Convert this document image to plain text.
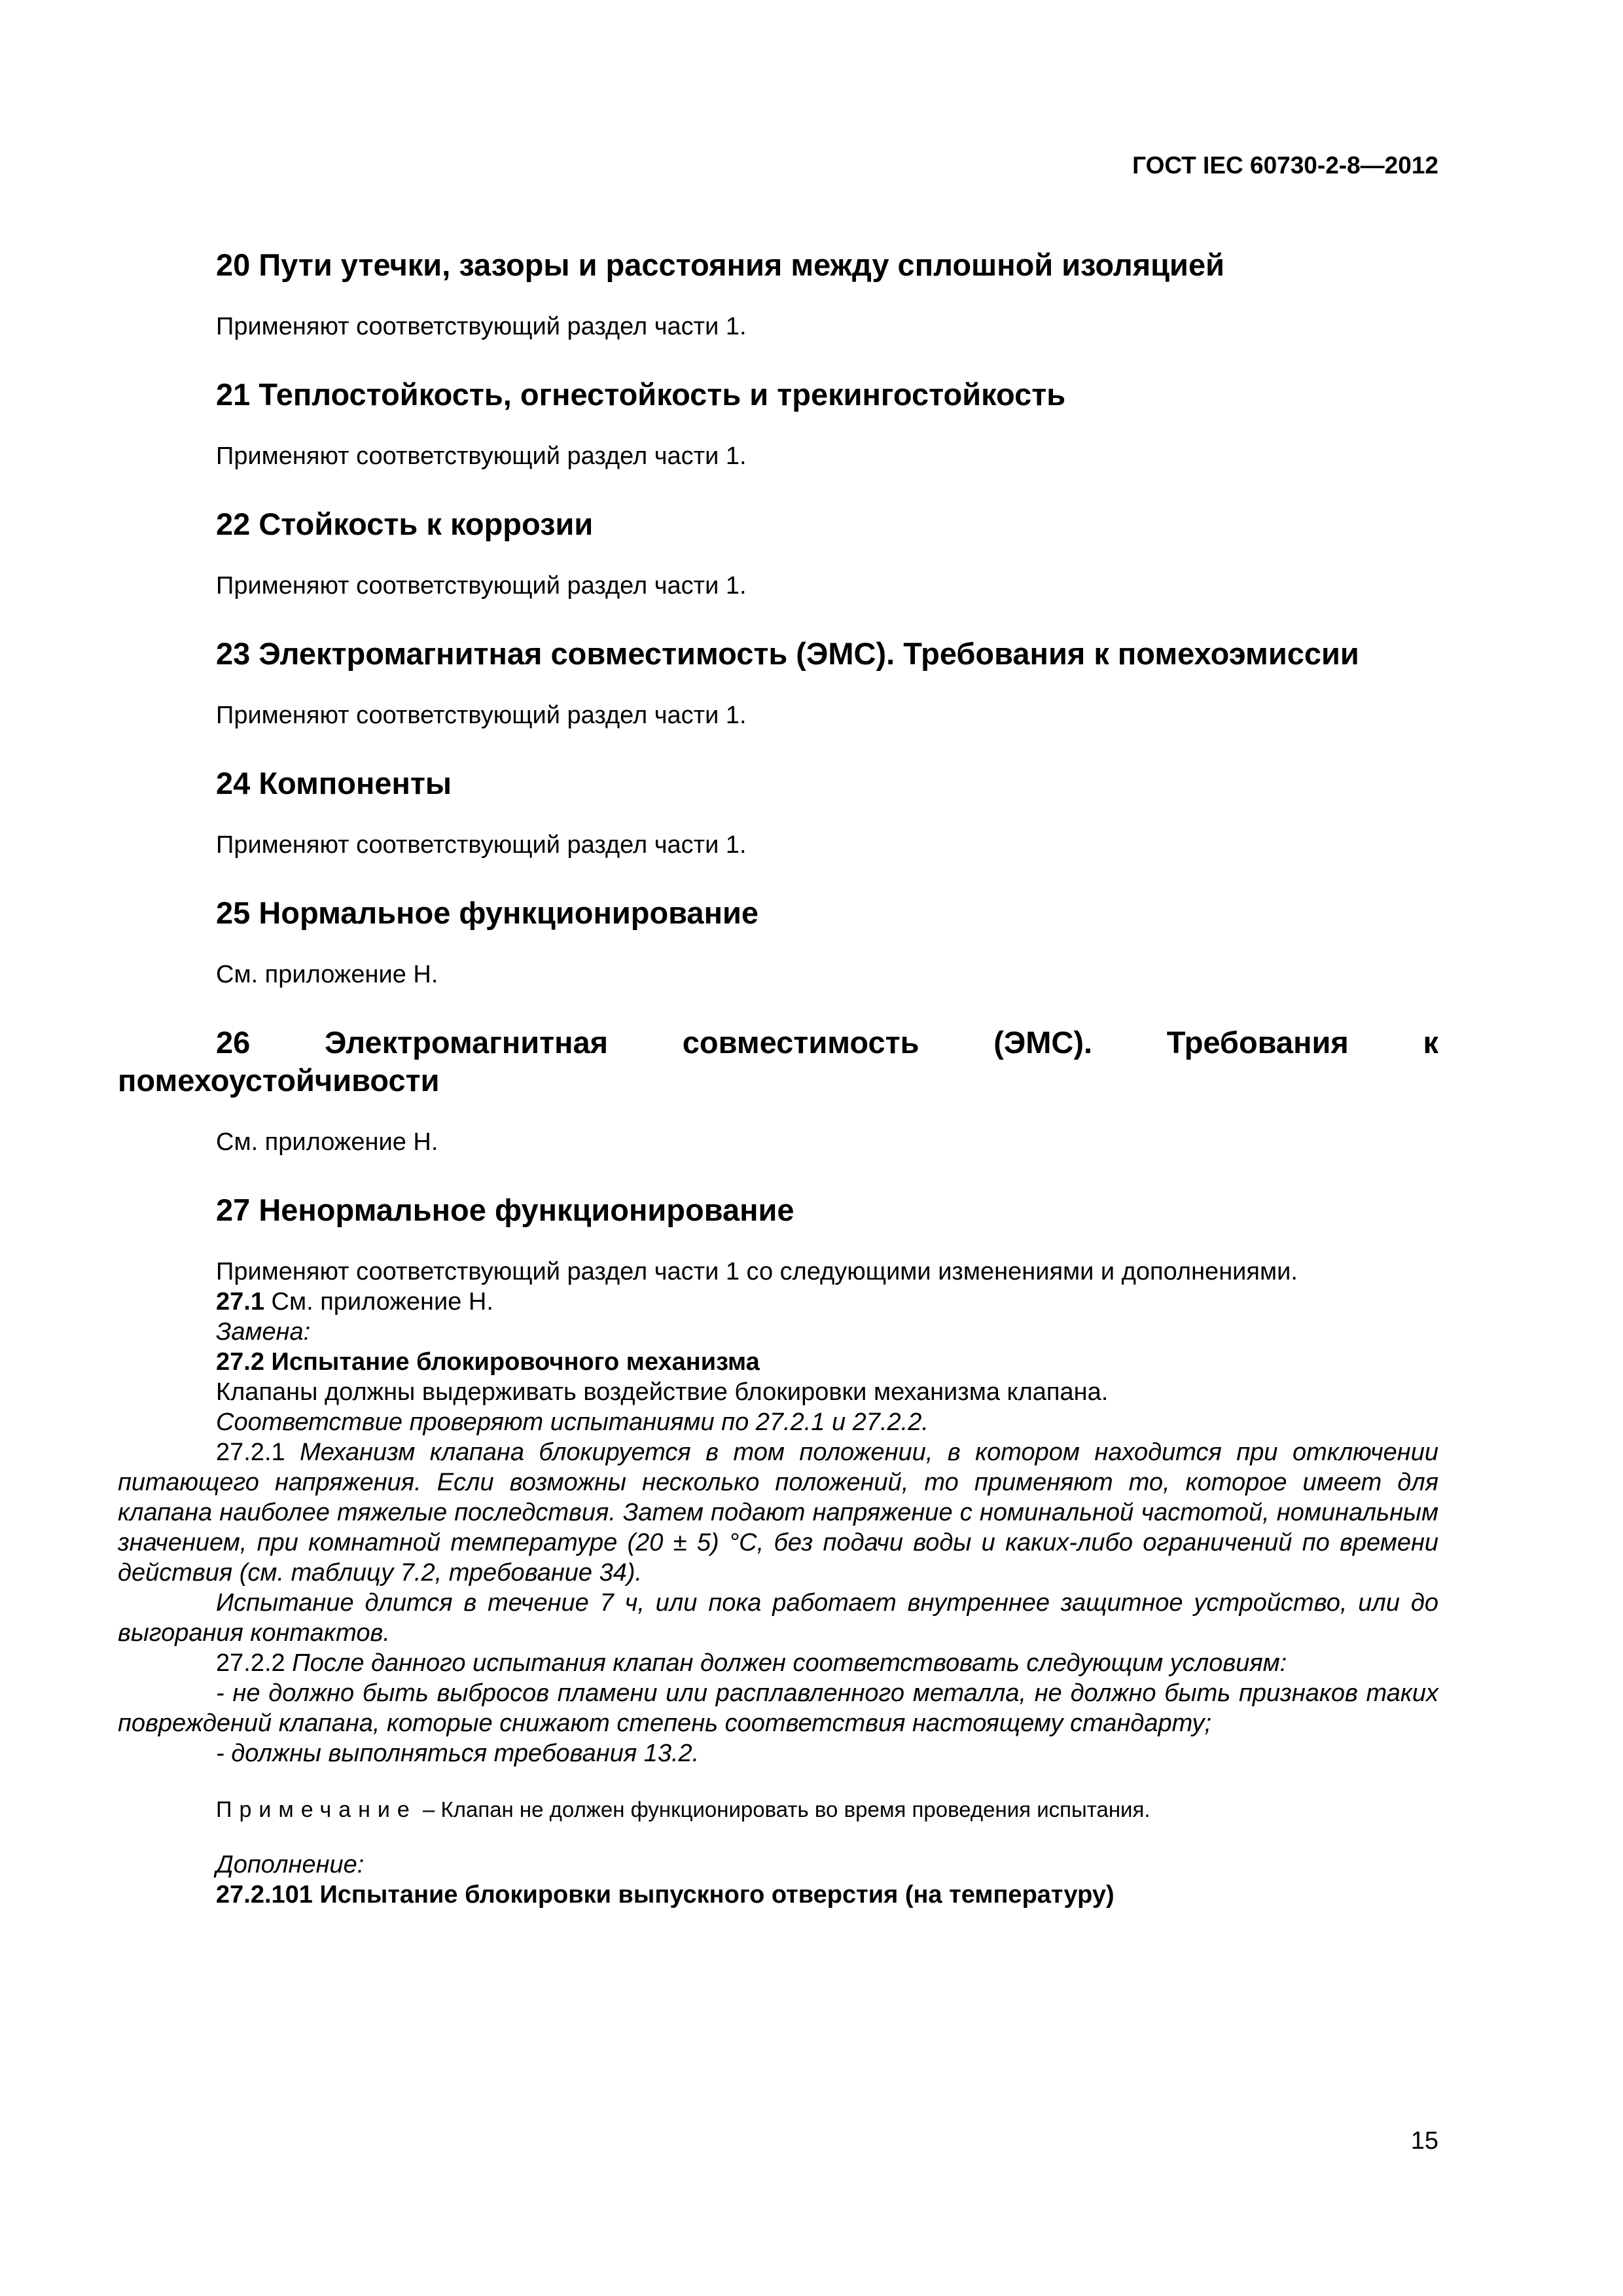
ГОСТ IEC 60730-2-8—2012

20 Пути утечки, зазоры и расстояния между сплошной изоляцией

Применяют соответствующий раздел части 1.

21 Теплостойкость, огнестойкость и трекингостойкость

Применяют соответствующий раздел части 1.

22 Стойкость к коррозии

Применяют соответствующий раздел части 1.

23 Электромагнитная совместимость (ЭМС). Требования к помехоэмиссии

Применяют соответствующий раздел части 1.

24 Компоненты

Применяют соответствующий раздел части 1.

25 Нормальное функционирование

См. приложение Н.

26 Электромагнитная совместимость (ЭМС). Требования к помехоустойчивости

См. приложение Н.

27 Ненормальное функционирование

Применяют соответствующий раздел части 1 со следующими изменениями и дополнениями.

27.1 См. приложение Н.

Замена:

27.2 Испытание блокировочного механизма

Клапаны должны выдерживать воздействие блокировки механизма клапана.

Соответствие проверяют испытаниями по 27.2.1 и 27.2.2.

27.2.1 Механизм клапана блокируется в том положении, в котором находится при отключении питающего напряжения. Если возможны несколько положений, то применяют то, которое имеет для клапана наиболее тяжелые последствия. Затем подают напряжение с номинальной частотой, номинальным значением, при комнатной температуре (20 ± 5) °С, без подачи воды и каких-либо ограничений по времени действия (см. таблицу 7.2, требование 34).

Испытание длится в течение 7 ч, или пока работает внутреннее защитное устройство, или до выгорания контактов.

27.2.2 После данного испытания клапан должен соответствовать следующим условиям:

- не должно быть выбросов пламени или расплавленного металла, не должно быть признаков таких повреждений клапана, которые снижают степень соответствия настоящему стандарту;

- должны выполняться требования 13.2.

Примечание – Клапан не должен функционировать во время проведения испытания.

Дополнение:

27.2.101 Испытание блокировки выпускного отверстия (на температуру)

15
